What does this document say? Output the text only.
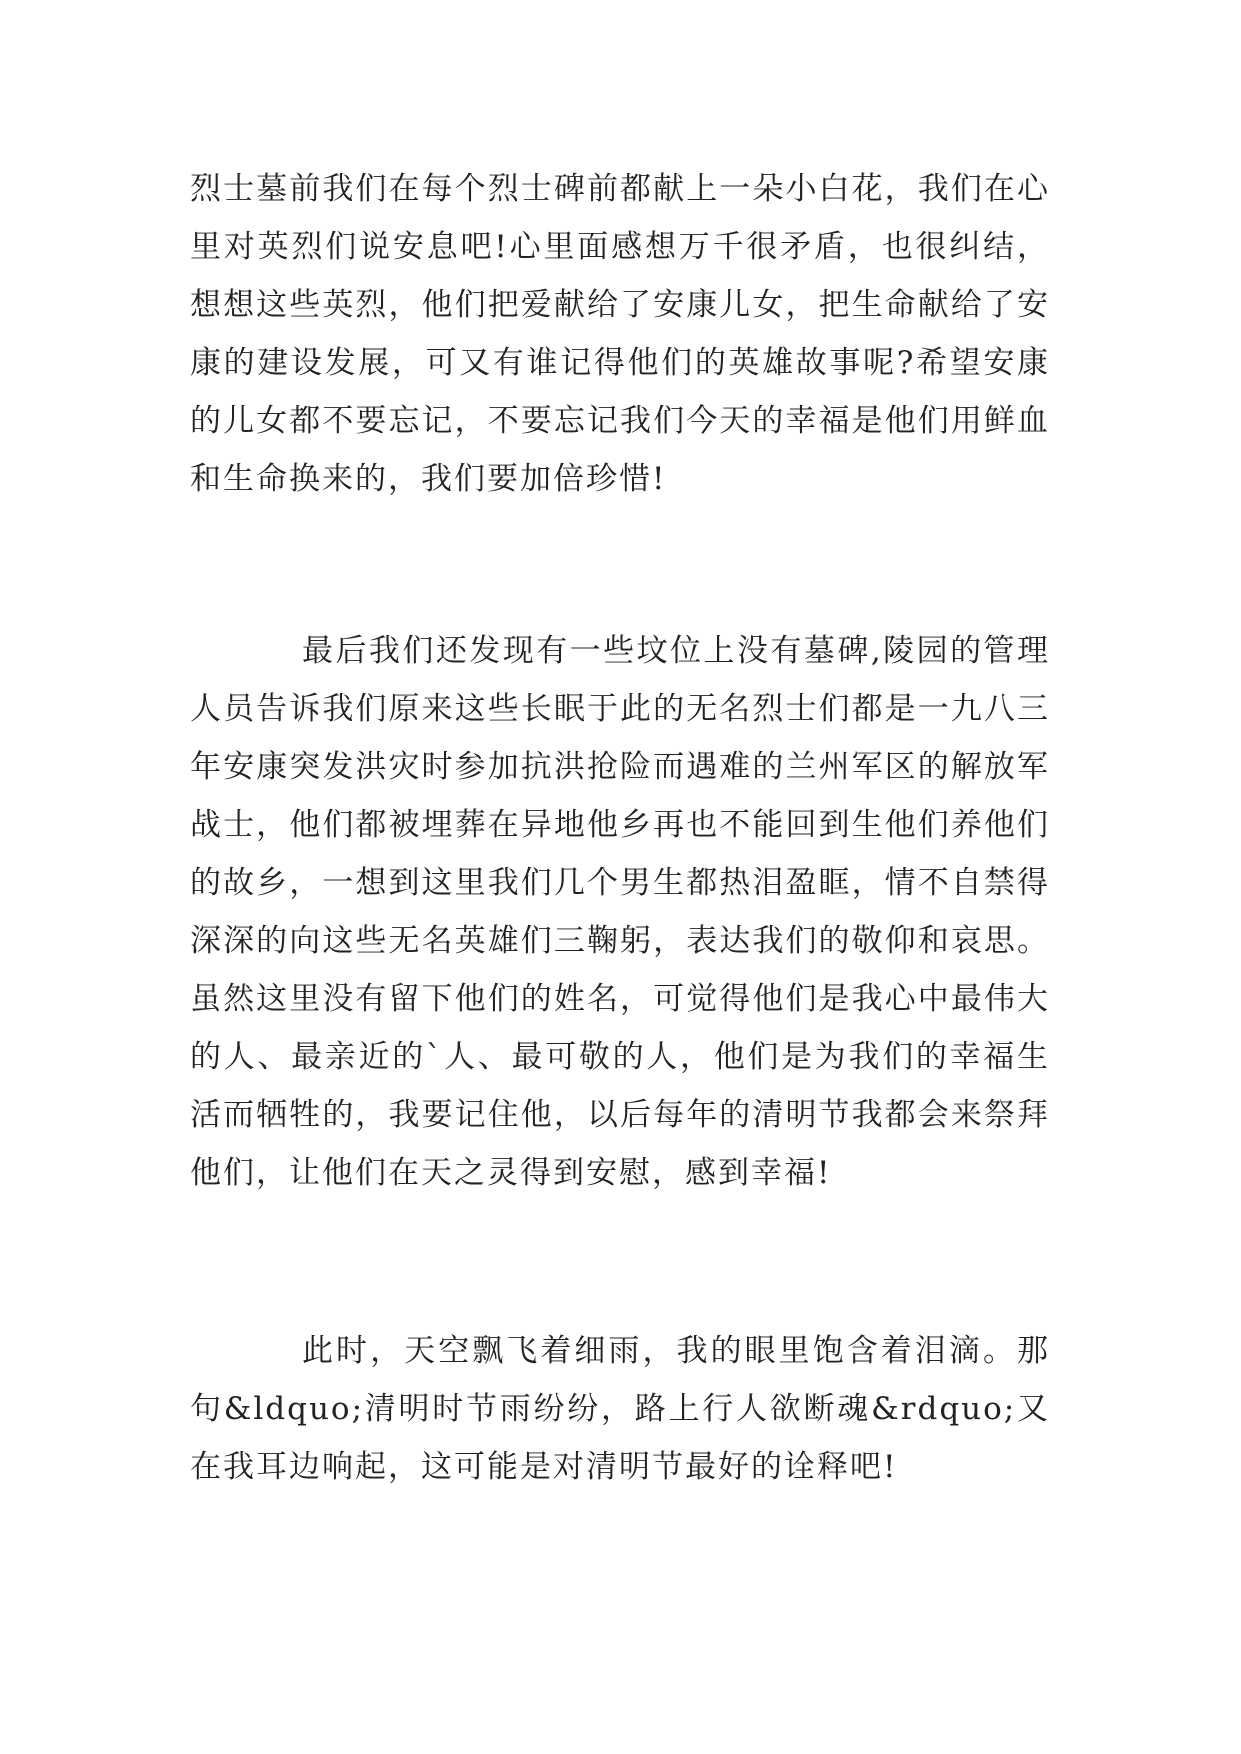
烈士墓前我们在每个烈士碑前都献上一朵小白花，我们在心里对英烈们说安息吧!心里面感想万千很矛盾，也很纠结，想想这些英烈，他们把爱献给了安康儿女，把生命献给了安康的建设发展，可又有谁记得他们的英雄故事呢?希望安康的儿女都不要忘记，不要忘记我们今天的幸福是他们用鲜血和生命换来的，我们要加倍珍惜!

最后我们还发现有一些坟位上没有墓碑,陵园的管理人员告诉我们原来这些长眠于此的无名烈士们都是一九八三年安康突发洪灾时参加抗洪抢险而遇难的兰州军区的解放军战士，他们都被埋葬在异地他乡再也不能回到生他们养他们的故乡，一想到这里我们几个男生都热泪盈眶，情不自禁得深深的向这些无名英雄们三鞠躬，表达我们的敬仰和哀思。虽然这里没有留下他们的姓名，可觉得他们是我心中最伟大的人、最亲近的`人、最可敬的人，他们是为我们的幸福生活而牺牲的，我要记住他，以后每年的清明节我都会来祭拜他们，让他们在天之灵得到安慰，感到幸福!

此时，天空飘飞着细雨，我的眼里饱含着泪滴。那句&ldquo;清明时节雨纷纷，路上行人欲断魂&rdquo;又在我耳边响起，这可能是对清明节最好的诠释吧!
